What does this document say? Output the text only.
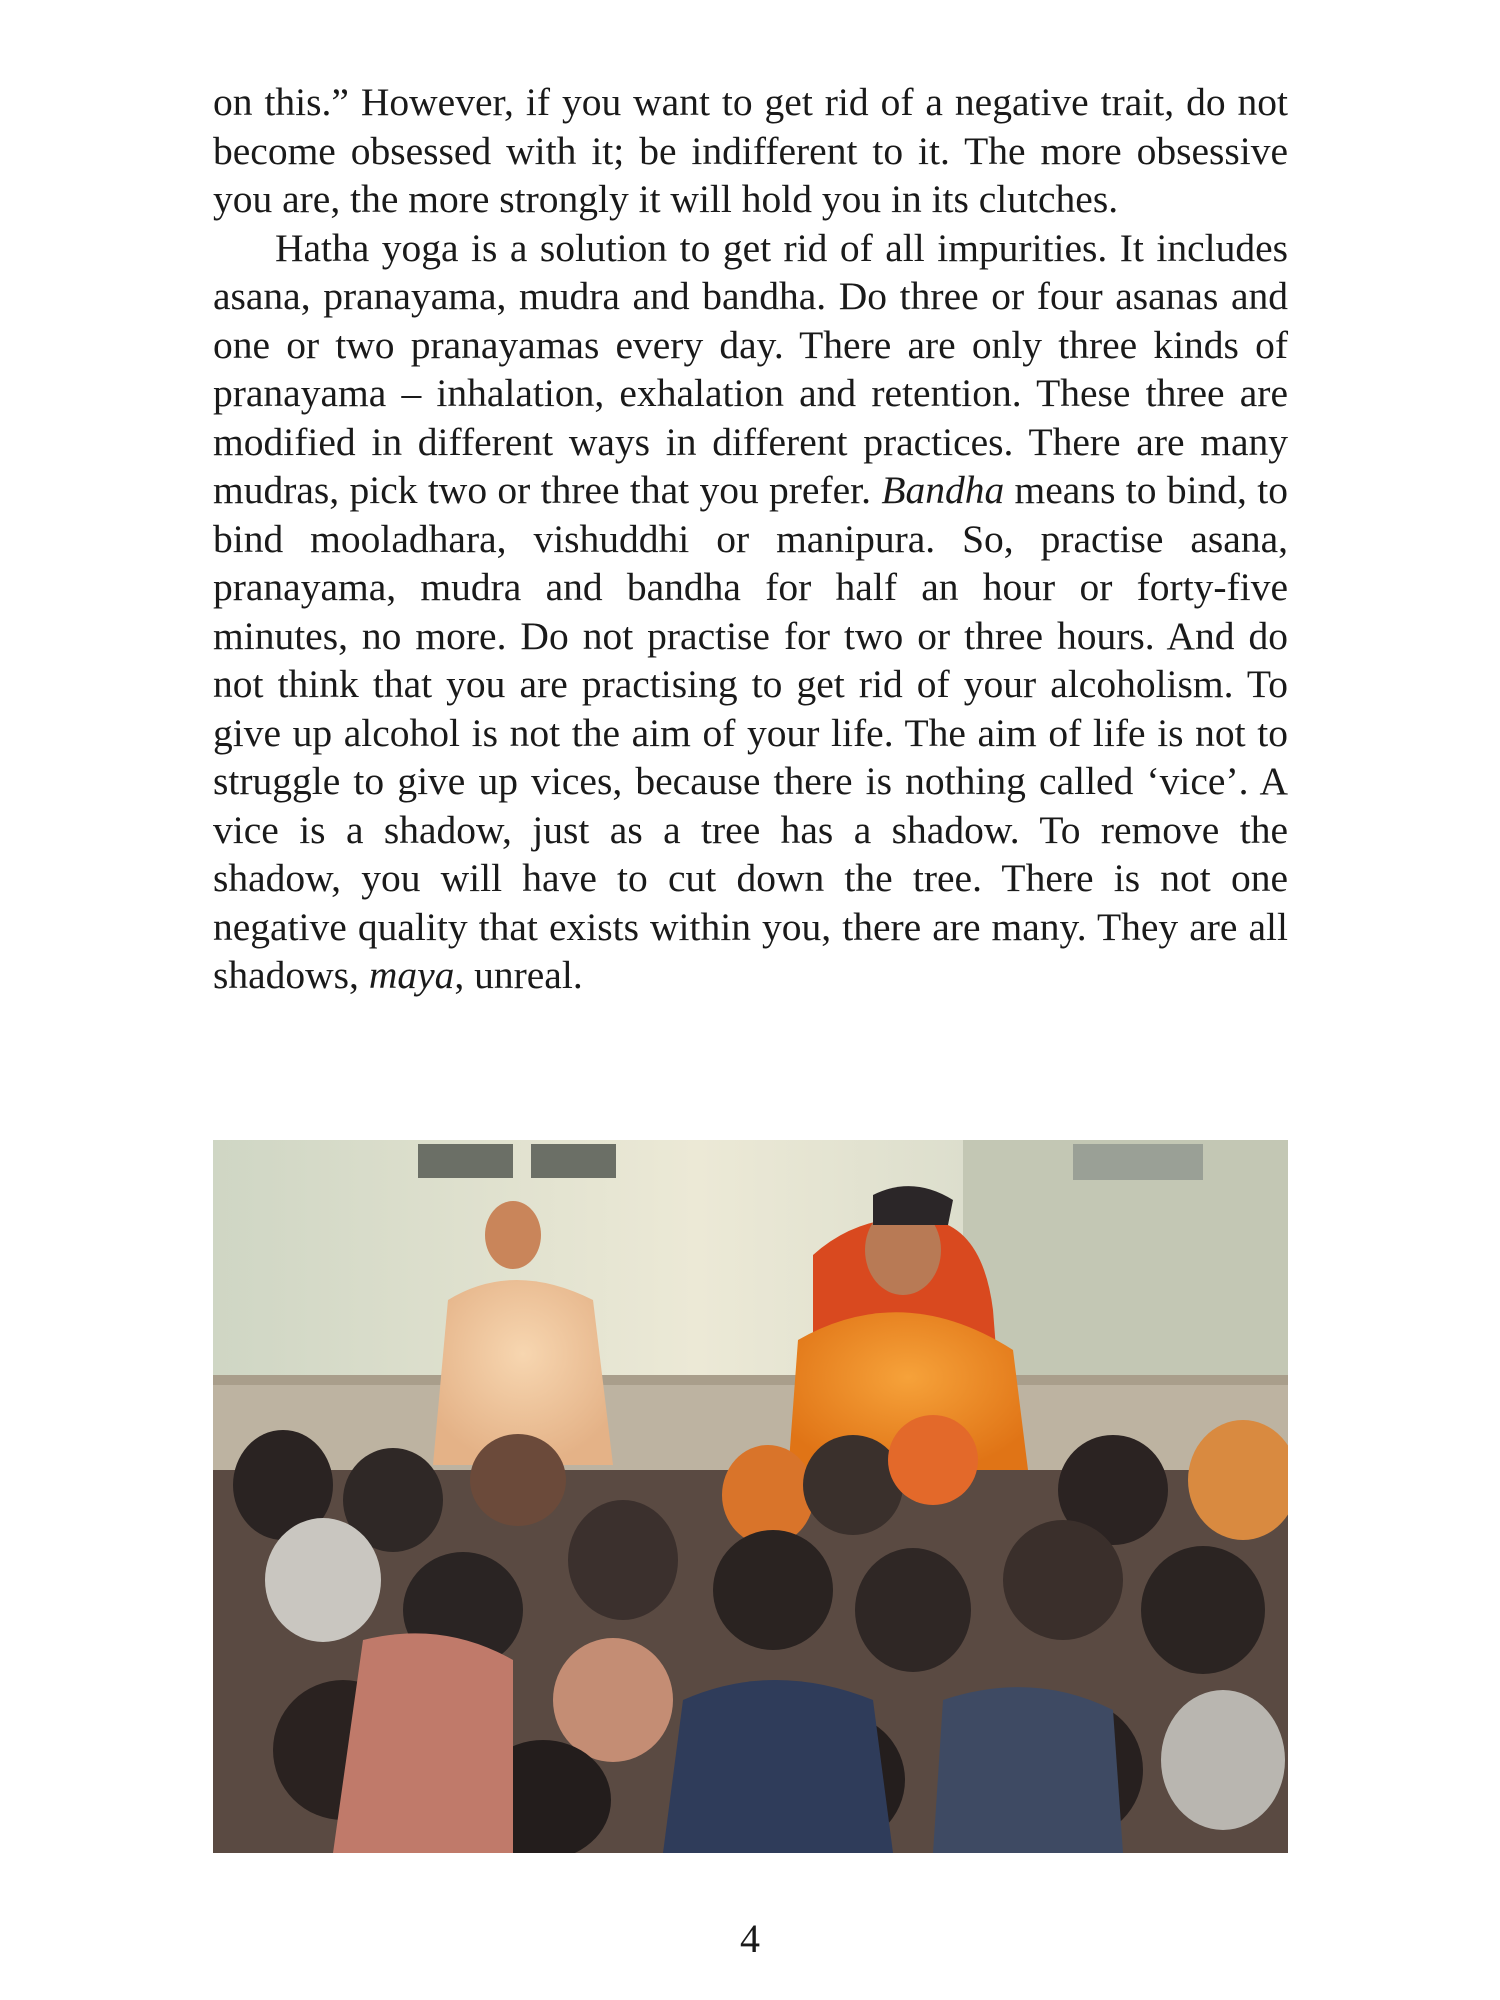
on this.” However, if you want to get rid of a negative trait, do not become obsessed with it; be indifferent to it. The more obsessive you are, the more strongly it will hold you in its clutches.

Hatha yoga is a solution to get rid of all impurities. It includes asana, pranayama, mudra and bandha. Do three or four asanas and one or two pranayamas every day. There are only three kinds of pranayama – inhalation, exhalation and retention. These three are modified in different ways in different practices. There are many mudras, pick two or three that you prefer. Bandha means to bind, to bind mooladhara, vishuddhi or manipura. So, practise asana, pranayama, mudra and bandha for half an hour or forty-five minutes, no more. Do not practise for two or three hours. And do not think that you are practising to get rid of your alcoholism. To give up alcohol is not the aim of your life. The aim of life is not to struggle to give up vices, because there is nothing called ‘vice’. A vice is a shadow, just as a tree has a shadow. To remove the shadow, you will have to cut down the tree. There is not one negative quality that exists within you, there are many. They are all shadows, maya, unreal.

4
